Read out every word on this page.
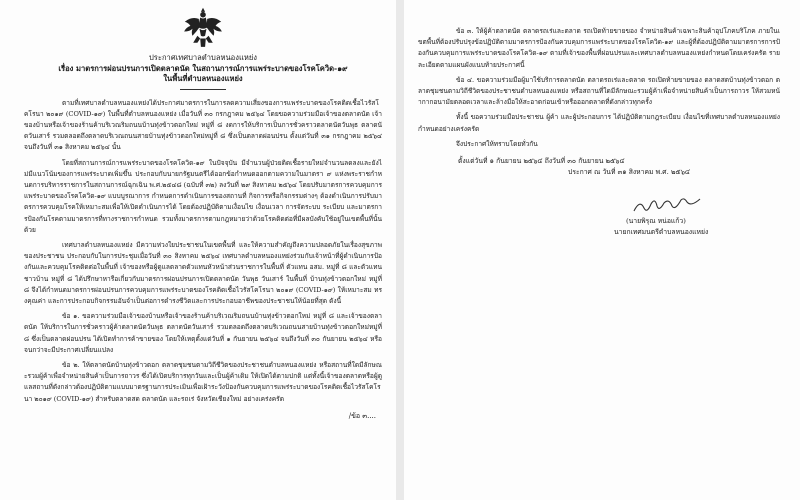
ประกาศเทศบาลตำบลหนองแหย่ง
เรื่อง มาตรการผ่อนปรนการเปิดตลาดนัด ในสถานการณ์การแพร่ระบาดของโรคโควิด-๑๙
ในพื้นที่ตำบลหนองแหย่ง

ตามที่เทศบาลตำบลหนองแหย่งได้ประกาศมาตรการในการลดความเสี่ยงของการแพร่ระบาดของโรคติดเชื้อไวรัสโคโรนา ๒๐๑๙ (COVID-๑๙) ในพื้นที่ตำบลหนองแหย่ง เมื่อวันที่ ๓๐ กรกฎาคม ๒๕๖๔ โดยขอความร่วมมือเจ้าของตลาดนัด เจ้าของบ้านหรือเจ้าของร้านค้าบริเวณริมถนนบ้านทุ่งข้าวตอกใหม่ หมู่ที่ ๘ งดการให้บริการเป็นการชั่วคราวตลาดนัดวันพุธ ตลาดนัดวันเสาร์ รวมตลอดถึงตลาดบริเวณถนนสายบ้านทุ่งข้าวตอกใหม่หมู่ที่ ๘ ซึ่งเป็นตลาดผ่อนปรน ตั้งแต่วันที่ ๓๑ กรกฎาคม ๒๕๖๔ จนถึงวันที่ ๓๑ สิงหาคม ๒๕๖๔ นั้น

โดยที่สถานการณ์การแพร่ระบาดของโรคโควิด-๑๙ ในปัจจุบัน มีจำนวนผู้ป่วยติดเชื้อรายใหม่จำนวนลดลงและยังไม่มีแนวโน้มของการแพร่ระบาดเพิ่มขึ้น ประกอบกับนายกรัฐมนตรีได้ออกข้อกำหนดออกตามความในมาตรา ๙ แห่งพระราชกำหนดการบริหารราชการในสถานการณ์ฉุกเฉิน พ.ศ.๒๕๔๘ (ฉบับที่ ๓๒) ลงวันที่ ๒๙ สิงหาคม ๒๕๖๔ โดยปรับมาตรการควบคุมการแพร่ระบาดของโรคโควิด-๑๙ แบบบูรณาการ กำหนดการดำเนินการของสถานที่ กิจการหรือกิจกรรมต่างๆ ต้องดำเนินการปรับมาตรการควบคุมโรคให้เหมาะสมเพื่อให้เปิดดำเนินการได้ โดยต้องปฏิบัติตามเงื่อนไข เงื่อนเวลา การจัดระบบ ระเบียบ และมาตรการป้องกันโรคตามมาตรการที่ทางราชการกำหนด รวมทั้งมาตรการตามกฎหมายว่าด้วยโรคติดต่อที่มีผลบังคับใช้อยู่ในเขตพื้นที่นั้นด้วย

เทศบาลตำบลหนองแหย่ง มีความห่วงใยประชาชนในเขตพื้นที่ และให้ความสำคัญถึงความปลอดภัยในเรื่องสุขภาพของประชาชน ประกอบกับในการประชุมเมื่อวันที่ ๓๐ สิงหาคม ๒๕๖๔ เทศบาลตำบลหนองแหย่งร่วมกับเจ้าหน้าที่ผู้ดำเนินการป้องกันและควบคุมโรคติดต่อในพื้นที่ เจ้าของหรือผู้ดูแลตลาดตัวแทนหัวหน้าส่วนราชการในพื้นที่ ตัวแทน อสม. หมู่ที่ ๘ และตัวแทนชาวบ้าน หมู่ที่ ๘ ได้ปรึกษาหารือเกี่ยวกับมาตรการผ่อนปรนการเปิดตลาดนัด วันพุธ วันเสาร์ ในพื้นที่ บ้านทุ่งข้าวตอกใหม่ หมู่ที่ ๘ จึงได้กำหนดมาตรการผ่อนปรนการควบคุมการแพร่ระบาดของโรคติดเชื้อไวรัสโคโรนา ๒๐๑๙ (COVID-๑๙) ให้เหมาะสม ทรงคุณค่า และการประกอบกิจกรรมอันจำเป็นต่อการดำรงชีวิตและการประกอบอาชีพของประชาชนให้น้อยที่สุด ดังนี้

ข้อ ๑. ขอความร่วมมือเจ้าของบ้านหรือเจ้าของร้านค้าบริเวณริมถนนบ้านทุ่งข้าวตอกใหม่ หมู่ที่ ๘ และเจ้าของตลาดนัด ให้บริการในการชั่วคราวผู้ค้าตลาดนัดวันพุธ ตลาดนัดวันเสาร์ รวมตลอดถึงตลาดบริเวณถนนสายบ้านทุ่งข้าวตอกใหม่หมู่ที่ ๘ ซึ่งเป็นตลาดผ่อนปรน ได้เปิดทำการค้าขายของ โดยให้เหตุตั้งแต่วันที่ ๑ กันยายน ๒๕๖๔ จนถึงวันที่ ๓๐ กันยายน ๒๕๖๔ หรือจนกว่าจะมีประกาศเปลี่ยนแปลง

ข้อ ๒. ให้ตลาดนัดบ้านทุ่งข้าวตอก ตลาดชุมชนตามวิถีชีวิตของประชาชนตำบลหนองแหย่ง หรือสถานที่ใดมีลักษณะรวมผู้ค้าเพื่อจำหน่ายสินค้าเป็นการถาวร ซึ่งได้เปิดบริการทุกวันและเป็นผู้ค้าเดิม ให้เปิดได้ตามปกติ แต่ทั้งนี้เจ้าของตลาดหรือผู้ดูแลสถานที่ดังกล่าวต้องปฏิบัติตามแบบมาตรฐานการประเมินเพื่อเฝ้าระวังป้องกันควบคุมการแพร่ระบาดของโรคติดเชื้อไวรัสโคโรนา ๒๐๑๙ (COVID-๑๙) สำหรับตลาดสด ตลาดนัด และรถเร่ จังหวัดเชียงใหม่ อย่างเคร่งครัด

/ข้อ ๓....

ข้อ ๓. ให้ผู้ค้าตลาดนัด ตลาดรถเร่และตลาด รถเปิดท้ายขายของ จำหน่ายสินค้าเฉพาะสินค้าอุปโภคบริโภค ภายในเขตพื้นที่ต้องปรับปรุงข้อปฏิบัติตามมาตรการป้องกันควบคุมการแพร่ระบาดของโรคโควิด-๑๙ และผู้ที่ต้องปฏิบัติตามมาตรการการป้องกันควบคุมการแพร่ระบาดของโรคโควิด-๑๙ ตามที่เจ้าของพื้นที่ผ่อนปรนและเทศบาลตำบลหนองแหย่งกำหนดโดยเคร่งครัด รายละเอียดตามแผนผังแนบท้ายประกาศนี้

ข้อ ๔. ขอความร่วมมือผู้มาใช้บริการตลาดนัด ตลาดรถเร่และตลาด รถเปิดท้ายขายของ ตลาดสดบ้านทุ่งข้าวตอก ตลาดชุมชนตามวิถีชีวิตของประชาชนตำบลหนองแหย่ง หรือสถานที่ใดมีลักษณะรวมผู้ค้าเพื่อจำหน่ายสินค้าเป็นการถาวร ให้สวมหน้ากากอนามัยตลอดเวลาและล้างมือให้สะอาดก่อนเข้าหรือออกตลาดที่ดังกล่าวทุกครั้ง

ทั้งนี้ ขอความร่วมมือประชาชน ผู้ค้า และผู้ประกอบการ ได้ปฏิบัติตามกฎระเบียบ เงื่อนไขที่เทศบาลตำบลหนองแหย่ง กำหนดอย่างเคร่งครัด

จึงประกาศให้ทราบโดยทั่วกัน

ตั้งแต่วันที่ ๑ กันยายน ๒๕๖๔ ถึงวันที่ ๓๐ กันยายน ๒๕๖๔
ประกาศ ณ วันที่ ๓๑ สิงหาคม พ.ศ. ๒๕๖๔
(นายพิรุณ หน่อแก้ว)
นายกเทศมนตรีตำบลหนองแหย่ง
